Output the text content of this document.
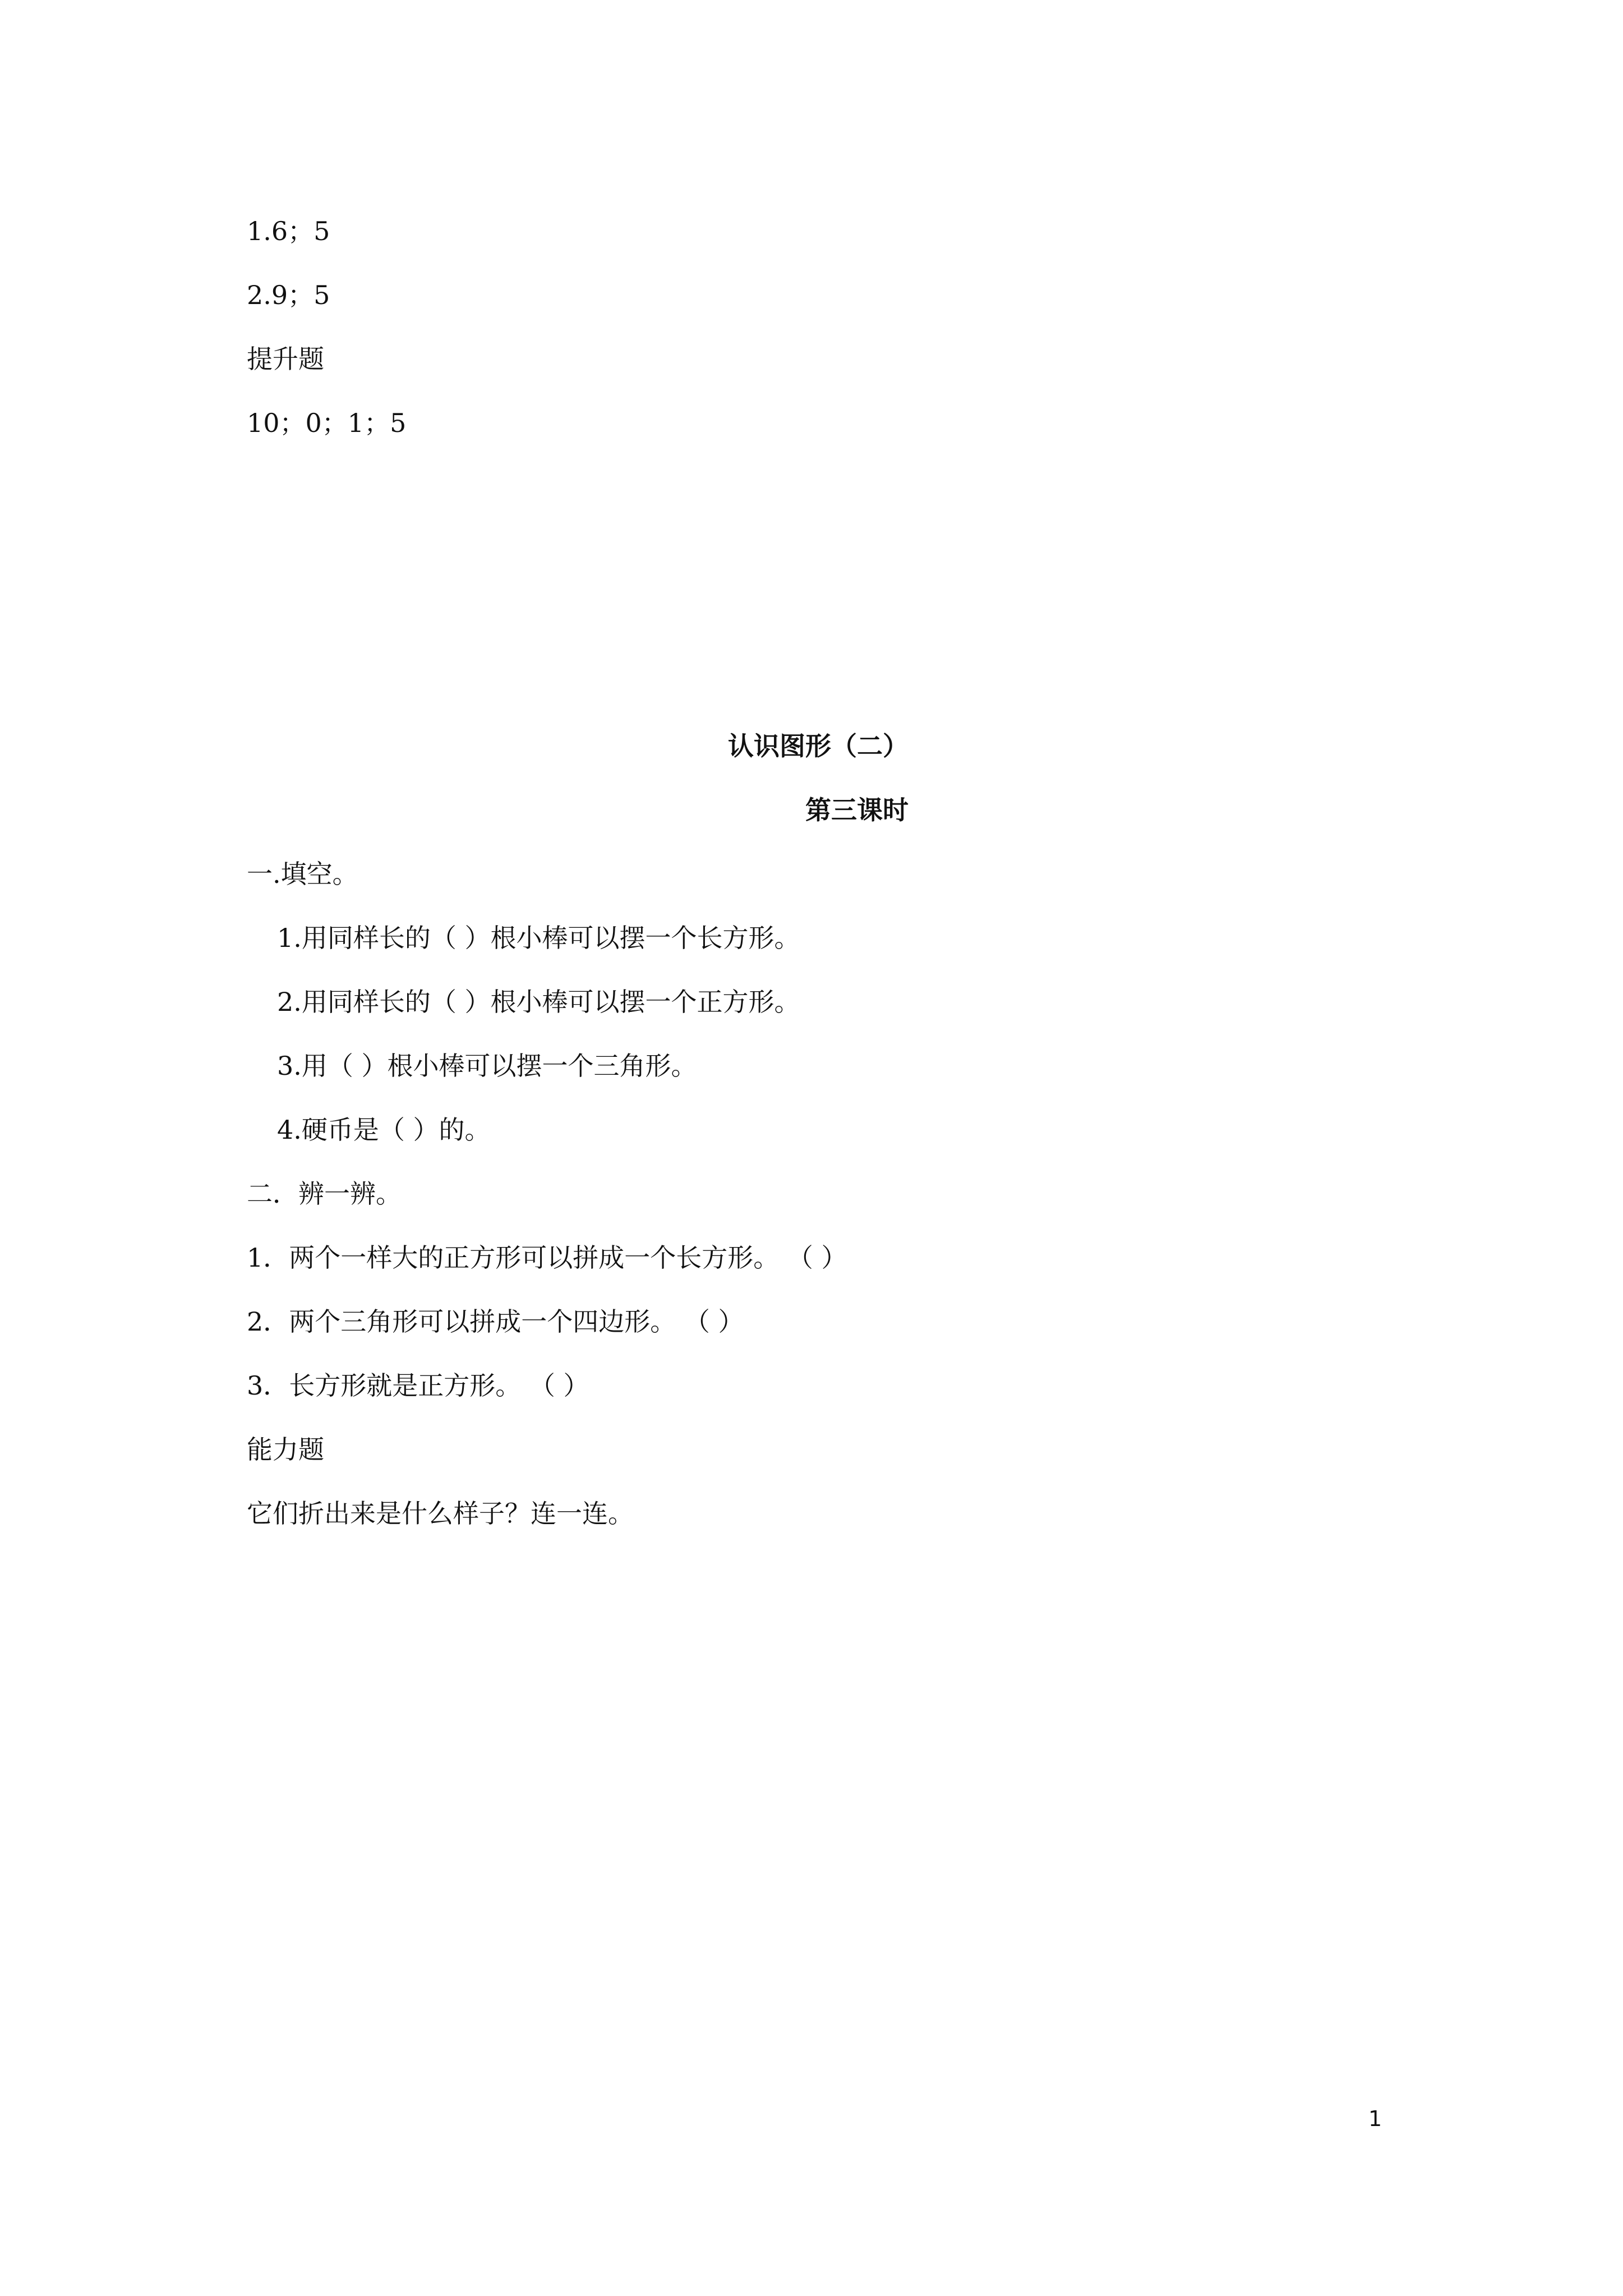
1.6；5
2.9；5
提升题
10；0；1；5
认识图形（二）
第三课时
一.填空。
1.用同样长的（ ）根小棒可以摆一个长方形。
2.用同样长的（ ）根小棒可以摆一个正方形。
3.用（ ）根小棒可以摆一个三角形。
4.硬币是（ ）的。
二．辨一辨。
1．两个一样大的正方形可以拼成一个长方形。 （ ）
2．两个三角形可以拼成一个四边形。 （ ）
3．长方形就是正方形。 （ ）
能力题
它们折出来是什么样子？连一连。
1
